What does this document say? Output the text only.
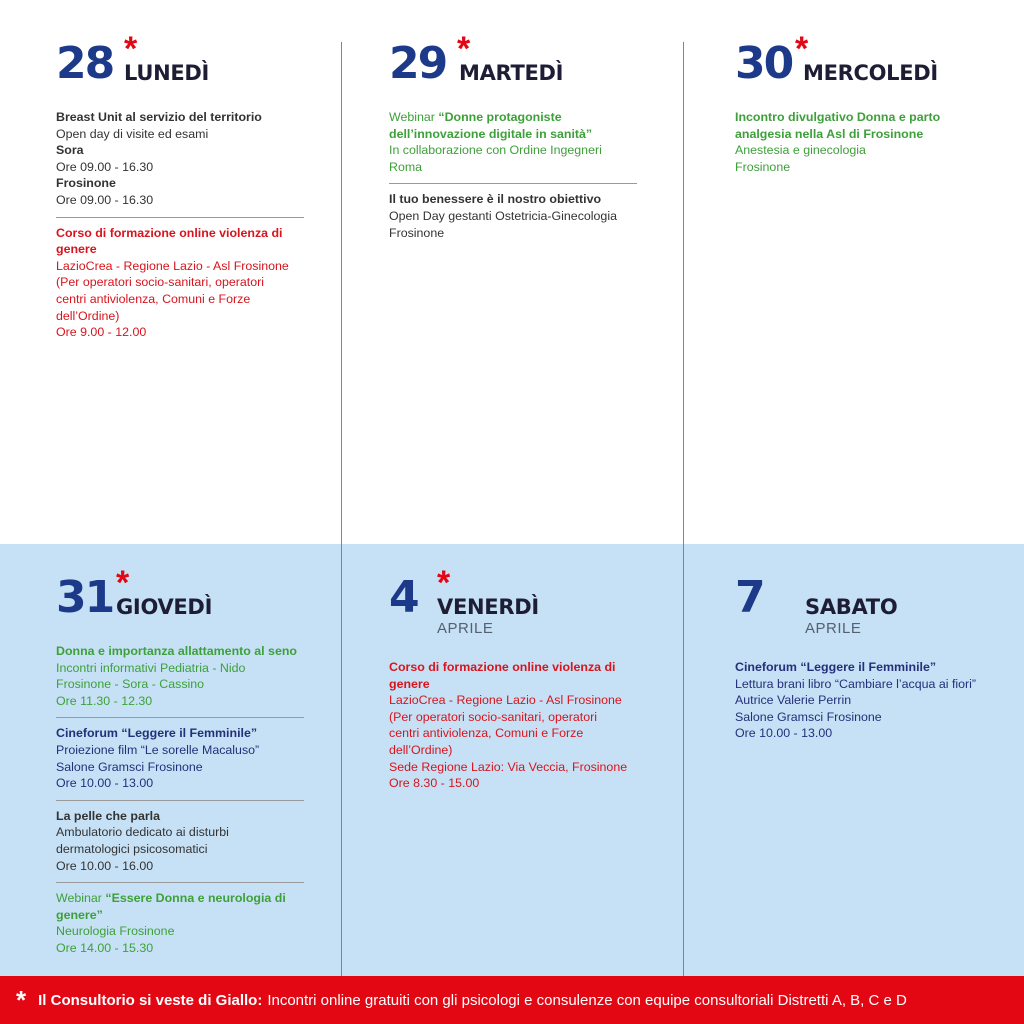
28 *
LUNEDÌ
Breast Unit al servizio del territorio
Open day di visite ed esami
Sora
Ore 09.00 - 16.30
Frosinone
Ore 09.00 - 16.30
Corso di formazione online violenza di genere
LazioCrea - Regione Lazio - Asl Frosinone
(Per operatori socio-sanitari, operatori
centri antiviolenza, Comuni e Forze
dell’Ordine)
Ore 9.00 - 12.00
29 *
MARTEDÌ
Webinar “Donne protagoniste
dell’innovazione digitale in sanità”
In collaborazione con Ordine Ingegneri
Roma
Il tuo benessere è il nostro obiettivo
Open Day gestanti Ostetricia-Ginecologia
Frosinone
30 *
MERCOLEDÌ
Incontro divulgativo Donna e parto
analgesia nella Asl di Frosinone
Anestesia e ginecologia
Frosinone
31 *
GIOVEDÌ
Donna e importanza allattamento al seno
Incontri informativi Pediatria - Nido
Frosinone - Sora - Cassino
Ore 11.30 - 12.30
Cineforum “Leggere il Femminile”
Proiezione film “Le sorelle Macaluso”
Salone Gramsci Frosinone
Ore 10.00 - 13.00
La pelle che parla
Ambulatorio dedicato ai disturbi
dermatologici psicosomatici
Ore 10.00 - 16.00
Webinar “Essere Donna e neurologia di
genere”
Neurologia Frosinone
Ore 14.00 - 15.30
4 *
VENERDÌ
APRILE
Corso di formazione online violenza di genere
LazioCrea - Regione Lazio - Asl Frosinone
(Per operatori socio-sanitari, operatori
centri antiviolenza, Comuni e Forze
dell’Ordine)
Sede Regione Lazio: Via Veccia, Frosinone
Ore 8.30 - 15.00
7 SABATO
APRILE
Cineforum “Leggere il Femminile”
Lettura brani libro “Cambiare l’acqua ai fiori”
Autrice Valerie Perrin
Salone Gramsci Frosinone
Ore 10.00 - 13.00
* Il Consultorio si veste di Giallo: Incontri online gratuiti con gli psicologi e consulenze con equipe consultoriali Distretti A, B, C e D
